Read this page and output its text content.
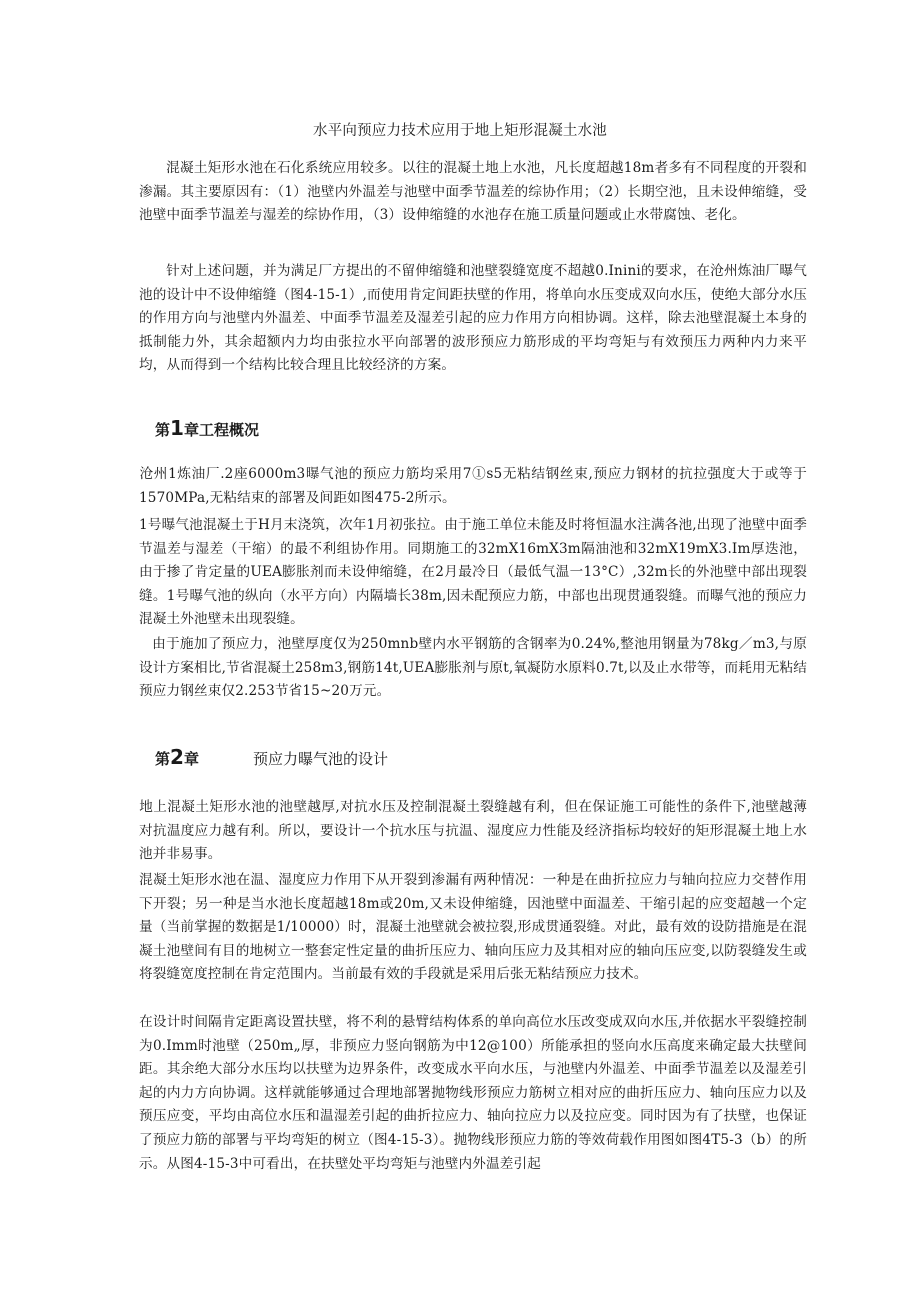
水平向预应力技术应用于地上矩形混凝土水池

混凝土矩形水池在石化系统应用较多。以往的混凝土地上水池，凡长度超越18m者多有不同程度的开裂和渗漏。其主要原因有：（1）池壁内外温差与池壁中面季节温差的综协作用；（2）长期空池，且未设伸缩缝，受池壁中面季节温差与湿差的综协作用，（3）设伸缩缝的水池存在施工质量问题或止水带腐蚀、老化。

针对上述问题，并为满足厂方提出的不留伸缩缝和池壁裂缝宽度不超越0.Inini的要求，在沧州炼油厂曝气池的设计中不设伸缩缝（图4-15-1）,而使用肯定间距扶壁的作用，将单向水压变成双向水压，使绝大部分水压的作用方向与池壁内外温差、中面季节温差及湿差引起的应力作用方向相协调。这样，除去池壁混凝土本身的抵制能力外，其余超额内力均由张拉水平向部署的波形预应力筋形成的平均弯矩与有效预压力两种内力来平均，从而得到一个结构比较合理且比较经济的方案。

第1章工程概况

沧州1炼油厂.2座6000m3曝气池的预应力筋均采用7①s5无粘结钢丝束,预应力钢材的抗拉强度大于或等于1570MPa,无粘结束的部署及间距如图475-2所示。

1号曝气池混凝土于H月末浇筑，次年1月初张拉。由于施工单位未能及时将恒温水注满各池,出现了池壁中面季节温差与湿差（干缩）的最不利组协作用。同期施工的32mX16mX3m隔油池和32mX19mX3.Im厚迭池，由于掺了肯定量的UEA膨胀剂而未设伸缩缝，在2月最冷日（最低气温一13°C）,32m长的外池壁中部出现裂缝。1号曝气池的纵向（水平方向）内隔墙长38m,因未配预应力筋，中部也出现贯通裂缝。而曝气池的预应力混凝土外池壁未出现裂缝。

由于施加了预应力，池壁厚度仅为250mnb壁内水平钢筋的含钢率为0.24%,整池用钢量为78kg／m3,与原设计方案相比,节省混凝土258m3,钢筋14t,UEA膨胀剂与原t,氧凝防水原料0.7t,以及止水带等，而耗用无粘结预应力钢丝束仅2.253节省15~20万元。

第2章	预应力曝气池的设计

地上混凝土矩形水池的池壁越厚,对抗水压及控制混凝土裂缝越有利，但在保证施工可能性的条件下,池壁越薄对抗温度应力越有利。所以，要设计一个抗水压与抗温、湿度应力性能及经济指标均较好的矩形混凝土地上水池并非易事。

混凝土矩形水池在温、湿度应力作用下从开裂到渗漏有两种情况：一种是在曲折拉应力与轴向拉应力交替作用下开裂；另一种是当水池长度超越18m或20m,又未设伸缩缝，因池壁中面温差、干缩引起的应变超越一个定量（当前掌握的数据是1/10000）时，混凝土池壁就会被拉裂,形成贯通裂缝。对此，最有效的设防措施是在混凝土池壁间有目的地树立一整套定性定量的曲折压应力、轴向压应力及其相对应的轴向压应变,以防裂缝发生或将裂缝宽度控制在肯定范围内。当前最有效的手段就是采用后张无粘结预应力技术。

在设计时间隔肯定距离设置扶壁，将不利的悬臂结构体系的单向高位水压改变成双向水压,并依据水平裂缝控制为0.Imm时池壁（250m„厚，非预应力竖向钢筋为中12@100）所能承担的竖向水压高度来确定最大扶壁间距。其余绝大部分水压均以扶壁为边界条件，改变成水平向水压，与池壁内外温差、中面季节温差以及湿差引起的内力方向协调。这样就能够通过合理地部署抛物线形预应力筋树立相对应的曲折压应力、轴向压应力以及预压应变，平均由高位水压和温湿差引起的曲折拉应力、轴向拉应力以及拉应变。同时因为有了扶壁，也保证了预应力筋的部署与平均弯矩的树立（图4-15-3）。抛物线形预应力筋的等效荷载作用图如图4T5-3（b）的所示。从图4-15-3中可看出，在扶壁处平均弯矩与池壁内外温差引起
